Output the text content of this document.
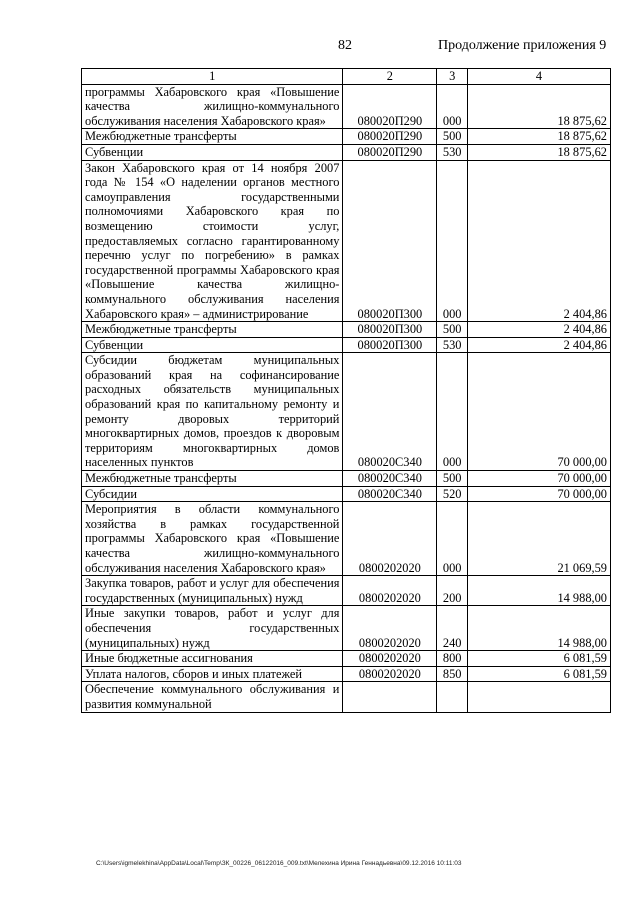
82	Продолжение приложения 9
1	2	3	4
программы Хабаровского края «Повышение качества жилищно-коммунального обслуживания населения Хабаровского края»	080020П290	000	18 875,62
Межбюджетные трансферты	080020П290	500	18 875,62
Субвенции	080020П290	530	18 875,62
Закон Хабаровского края от 14 ноября 2007 года № 154 «О наделении органов местного самоуправления государственными полномочиями Хабаровского края по возмещению стоимости услуг, предоставляемых согласно гарантированному перечню услуг по погребению» в рамках государственной программы Хабаровского края «Повышение качества жилищно-коммунального обслуживания населения Хабаровского края» – администрирование	080020П300	000	2 404,86
Межбюджетные трансферты	080020П300	500	2 404,86
Субвенции	080020П300	530	2 404,86
Субсидии бюджетам муниципальных образований края на софинансирование расходных обязательств муниципальных образований края по капитальному ремонту и ремонту дворовых территорий многоквартирных домов, проездов к дворовым территориям многоквартирных домов населенных пунктов	080020С340	000	70 000,00
Межбюджетные трансферты	080020С340	500	70 000,00
Субсидии	080020С340	520	70 000,00
Мероприятия в области коммунального хозяйства в рамках государственной программы Хабаровского края «Повышение качества жилищно-коммунального обслуживания населения Хабаровского края»	0800202020	000	21 069,59
Закупка товаров, работ и услуг для обеспечения государственных (муниципальных) нужд	0800202020	200	14 988,00
Иные закупки товаров, работ и услуг для обеспечения государственных (муниципальных) нужд	0800202020	240	14 988,00
Иные бюджетные ассигнования	0800202020	800	6 081,59
Уплата налогов, сборов и иных платежей	0800202020	850	6 081,59
Обеспечение коммунального обслуживания и развития коммунальной			
C:\Users\igmelekhina\AppData\Local\Temp\ЗК_00226_06122016_009.txt\Мелехина Ирина Геннадьевна\09.12.2016 10:11:03
